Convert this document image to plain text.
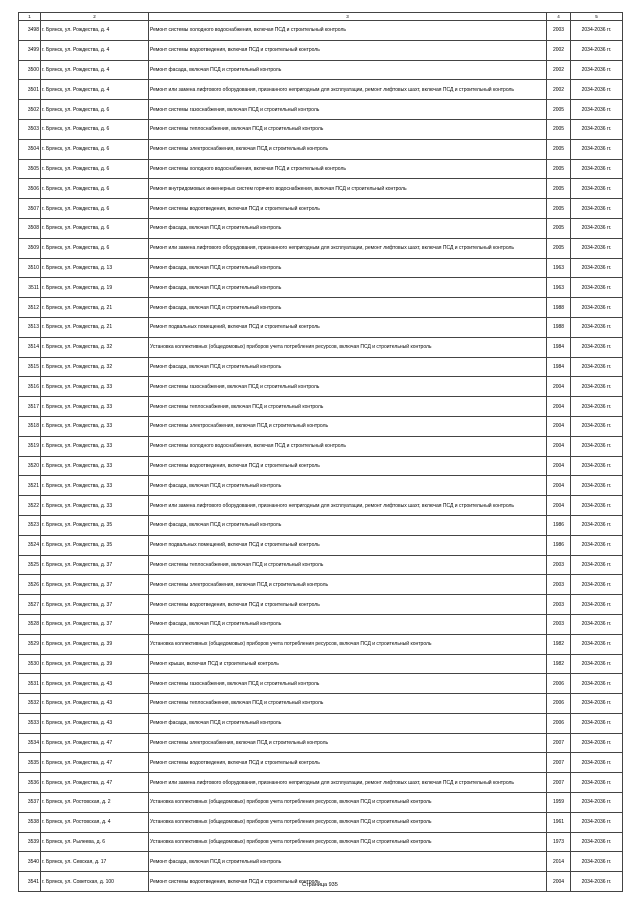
1	2	3	4	5
3498	г. Брянск, ул. Рождества, д. 4	Ремонт системы холодного водоснабжения, включая ПСД и строительный контроль	2003	2034-2036 гг.
3499	г. Брянск, ул. Рождества, д. 4	Ремонт системы водоотведения, включая ПСД и строительный контроль	2002	2034-2036 гг.
3500	г. Брянск, ул. Рождества, д. 4	Ремонт фасада, включая ПСД и строительный контроль	2002	2034-2036 гг.
3501	г. Брянск, ул. Рождества, д. 4	Ремонт или замена лифтового оборудования, признанного непригодным для эксплуатации, ремонт лифтовых шахт, включая ПСД и строительный контроль	2002	2034-2036 гг.
3502	г. Брянск, ул. Рождества, д. 6	Ремонт системы газоснабжения, включая ПСД и строительный контроль	2005	2034-2036 гг.
3503	г. Брянск, ул. Рождества, д. 6	Ремонт системы теплоснабжения, включая ПСД и строительный контроль	2005	2034-2036 гг.
3504	г. Брянск, ул. Рождества, д. 6	Ремонт системы электроснабжения, включая ПСД и строительный контроль	2005	2034-2036 гг.
3505	г. Брянск, ул. Рождества, д. 6	Ремонт системы холодного водоснабжения, включая ПСД и строительный контроль	2005	2034-2036 гг.
3506	г. Брянск, ул. Рождества, д. 6	Ремонт внутридомовых инженерных систем горячего водоснабжения, включая ПСД и строительный контроль	2005	2034-2036 гг.
3507	г. Брянск, ул. Рождества, д. 6	Ремонт системы водоотведения, включая ПСД и строительный контроль	2005	2034-2036 гг.
3508	г. Брянск, ул. Рождества, д. 6	Ремонт фасада, включая ПСД и строительный контроль	2005	2034-2036 гг.
3509	г. Брянск, ул. Рождества, д. 6	Ремонт или замена лифтового оборудования, признанного непригодным для эксплуатации, ремонт лифтовых шахт, включая ПСД и строительный контроль	2005	2034-2036 гг.
3510	г. Брянск, ул. Рождества, д. 13	Ремонт фасада, включая ПСД и строительный контроль	1963	2034-2036 гг.
3511	г. Брянск, ул. Рождества, д. 19	Ремонт фасада, включая ПСД и строительный контроль	1963	2034-2036 гг.
3512	г. Брянск, ул. Рождества, д. 21	Ремонт фасада, включая ПСД и строительный контроль	1988	2034-2036 гг.
3513	г. Брянск, ул. Рождества, д. 21	Ремонт подвальных помещений, включая ПСД и строительный контроль	1988	2034-2036 гг.
3514	г. Брянск, ул. Рождества, д. 32	Установка коллективных (общедомовых) приборов учета потребления ресурсов, включая ПСД и строительный контроль	1984	2034-2036 гг.
3515	г. Брянск, ул. Рождества, д. 32	Ремонт фасада, включая ПСД и строительный контроль	1984	2034-2036 гг.
3516	г. Брянск, ул. Рождества, д. 33	Ремонт системы газоснабжения, включая ПСД и строительный контроль	2004	2034-2036 гг.
3517	г. Брянск, ул. Рождества, д. 33	Ремонт системы теплоснабжения, включая ПСД и строительный контроль	2004	2034-2036 гг.
3518	г. Брянск, ул. Рождества, д. 33	Ремонт системы электроснабжения, включая ПСД и строительный контроль	2004	2034-2036 гг.
3519	г. Брянск, ул. Рождества, д. 33	Ремонт системы холодного водоснабжения, включая ПСД и строительный контроль	2004	2034-2036 гг.
3520	г. Брянск, ул. Рождества, д. 33	Ремонт системы водоотведения, включая ПСД и строительный контроль	2004	2034-2036 гг.
3521	г. Брянск, ул. Рождества, д. 33	Ремонт фасада, включая ПСД и строительный контроль	2004	2034-2036 гг.
3522	г. Брянск, ул. Рождества, д. 33	Ремонт или замена лифтового оборудования, признанного непригодным для эксплуатации, ремонт лифтовых шахт, включая ПСД и строительный контроль	2004	2034-2036 гг.
3523	г. Брянск, ул. Рождества, д. 35	Ремонт фасада, включая ПСД и строительный контроль	1986	2034-2036 гг.
3524	г. Брянск, ул. Рождества, д. 35	Ремонт подвальных помещений, включая ПСД и строительный контроль	1986	2034-2036 гг.
3525	г. Брянск, ул. Рождества, д. 37	Ремонт системы теплоснабжения, включая ПСД и строительный контроль	2003	2034-2036 гг.
3526	г. Брянск, ул. Рождества, д. 37	Ремонт системы электроснабжения, включая ПСД и строительный контроль	2003	2034-2036 гг.
3527	г. Брянск, ул. Рождества, д. 37	Ремонт системы водоотведения, включая ПСД и строительный контроль	2003	2034-2036 гг.
3528	г. Брянск, ул. Рождества, д. 37	Ремонт фасада, включая ПСД и строительный контроль	2003	2034-2036 гг.
3529	г. Брянск, ул. Рождества, д. 39	Установка коллективных (общедомовых) приборов учета потребления ресурсов, включая ПСД и строительный контроль	1982	2034-2036 гг.
3530	г. Брянск, ул. Рождества, д. 39	Ремонт крыши, включая ПСД и строительный контроль	1982	2034-2036 гг.
3531	г. Брянск, ул. Рождества, д. 43	Ремонт системы газоснабжения, включая ПСД и строительный контроль	2006	2034-2036 гг.
3532	г. Брянск, ул. Рождества, д. 43	Ремонт системы теплоснабжения, включая ПСД и строительный контроль	2006	2034-2036 гг.
3533	г. Брянск, ул. Рождества, д. 43	Ремонт фасада, включая ПСД и строительный контроль	2006	2034-2036 гг.
3534	г. Брянск, ул. Рождества, д. 47	Ремонт системы электроснабжения, включая ПСД и строительный контроль	2007	2034-2036 гг.
3535	г. Брянск, ул. Рождества, д. 47	Ремонт системы водоотведения, включая ПСД и строительный контроль	2007	2034-2036 гг.
3536	г. Брянск, ул. Рождества, д. 47	Ремонт или замена лифтового оборудования, признанного непригодным для эксплуатации, ремонт лифтовых шахт, включая ПСД и строительный контроль	2007	2034-2036 гг.
3537	г. Брянск, ул. Ростовская, д. 2	Установка коллективных (общедомовых) приборов учета потребления ресурсов, включая ПСД и строительный контроль	1959	2034-2036 гг.
3538	г. Брянск, ул. Ростовская, д. 4	Установка коллективных (общедомовых) приборов учета потребления ресурсов, включая ПСД и строительный контроль	1961	2034-2036 гг.
3539	г. Брянск, ул. Рылеева, д. 6	Установка коллективных (общедомовых) приборов учета потребления ресурсов, включая ПСД и строительный контроль	1973	2034-2036 гг.
3540	г. Брянск, ул. Севская, д. 17	Ремонт фасада, включая ПСД и строительный контроль	2014	2034-2036 гг.
3541	г. Брянск, ул. Советская, д. 100	Ремонт системы водоотведения, включая ПСД и строительный контроль	2004	2034-2036 гг.
Страница 935
